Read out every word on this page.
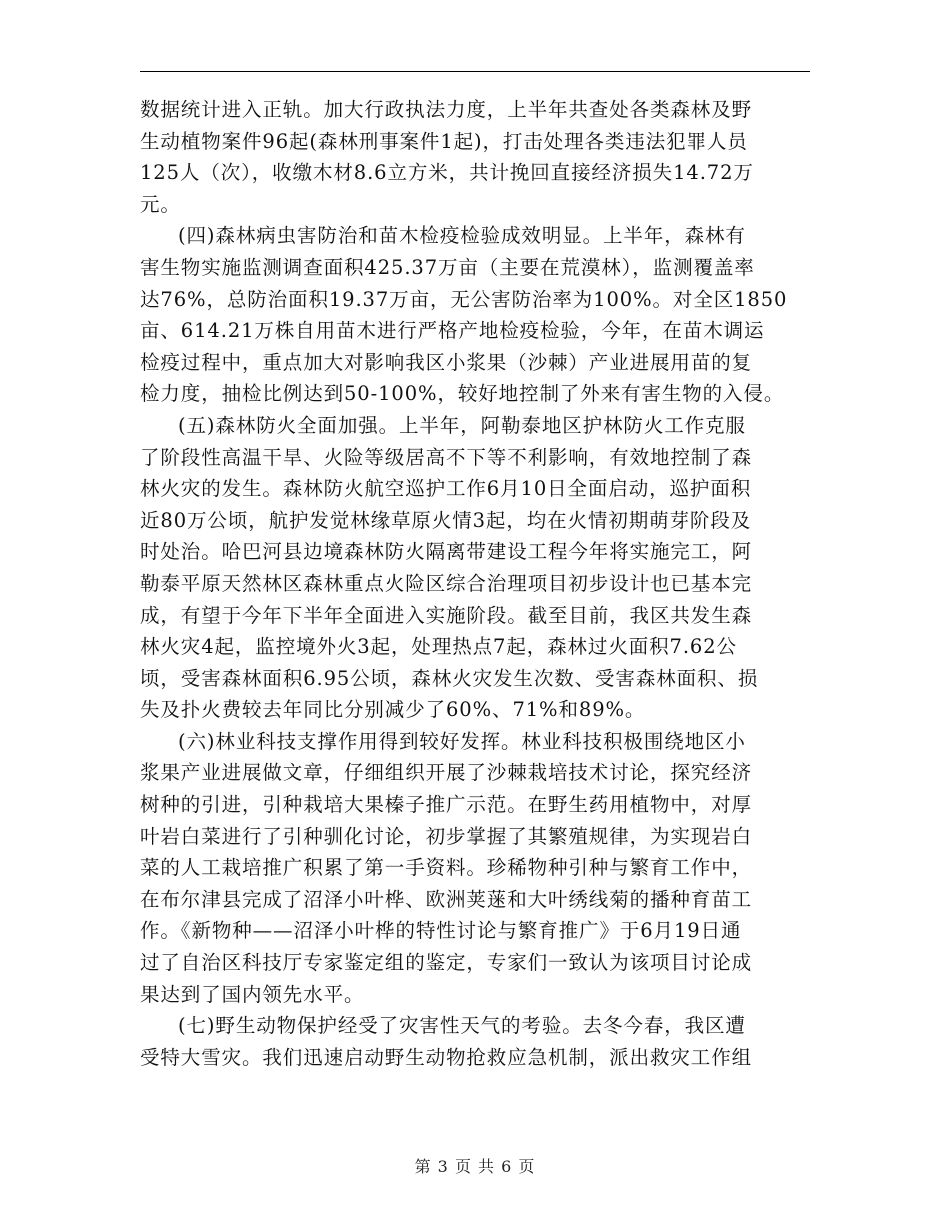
数据统计进入正轨。加大行政执法力度，上半年共查处各类森林及野
生动植物案件96起(森林刑事案件1起)，打击处理各类违法犯罪人员
125人（次），收缴木材8.6立方米，共计挽回直接经济损失14.72万
元。
(四)森林病虫害防治和苗木检疫检验成效明显。上半年，森林有
害生物实施监测调查面积425.37万亩（主要在荒漠林），监测覆盖率
达76%，总防治面积19.37万亩，无公害防治率为100%。对全区1850
亩、614.21万株自用苗木进行严格产地检疫检验，今年，在苗木调运
检疫过程中，重点加大对影响我区小浆果（沙棘）产业进展用苗的复
检力度，抽检比例达到50-100%，较好地控制了外来有害生物的入侵。
(五)森林防火全面加强。上半年，阿勒泰地区护林防火工作克服
了阶段性高温干旱、火险等级居高不下等不利影响，有效地控制了森
林火灾的发生。森林防火航空巡护工作6月10日全面启动，巡护面积
近80万公顷，航护发觉林缘草原火情3起，均在火情初期萌芽阶段及
时处治。哈巴河县边境森林防火隔离带建设工程今年将实施完工，阿
勒泰平原天然林区森林重点火险区综合治理项目初步设计也已基本完
成，有望于今年下半年全面进入实施阶段。截至目前，我区共发生森
林火灾4起，监控境外火3起，处理热点7起，森林过火面积7.62公
顷，受害森林面积6.95公顷，森林火灾发生次数、受害森林面积、损
失及扑火费较去年同比分别减少了60%、71%和89%。
(六)林业科技支撑作用得到较好发挥。林业科技积极围绕地区小
浆果产业进展做文章，仔细组织开展了沙棘栽培技术讨论，探究经济
树种的引进，引种栽培大果榛子推广示范。在野生药用植物中，对厚
叶岩白菜进行了引种驯化讨论，初步掌握了其繁殖规律，为实现岩白
菜的人工栽培推广积累了第一手资料。珍稀物种引种与繁育工作中，
在布尔津县完成了沼泽小叶桦、欧洲荚蒾和大叶绣线菊的播种育苗工
作。《新物种——沼泽小叶桦的特性讨论与繁育推广》于6月19日通
过了自治区科技厅专家鉴定组的鉴定，专家们一致认为该项目讨论成
果达到了国内领先水平。
(七)野生动物保护经受了灾害性天气的考验。去冬今春，我区遭
受特大雪灾。我们迅速启动野生动物抢救应急机制，派出救灾工作组
第 3 页 共 6 页
